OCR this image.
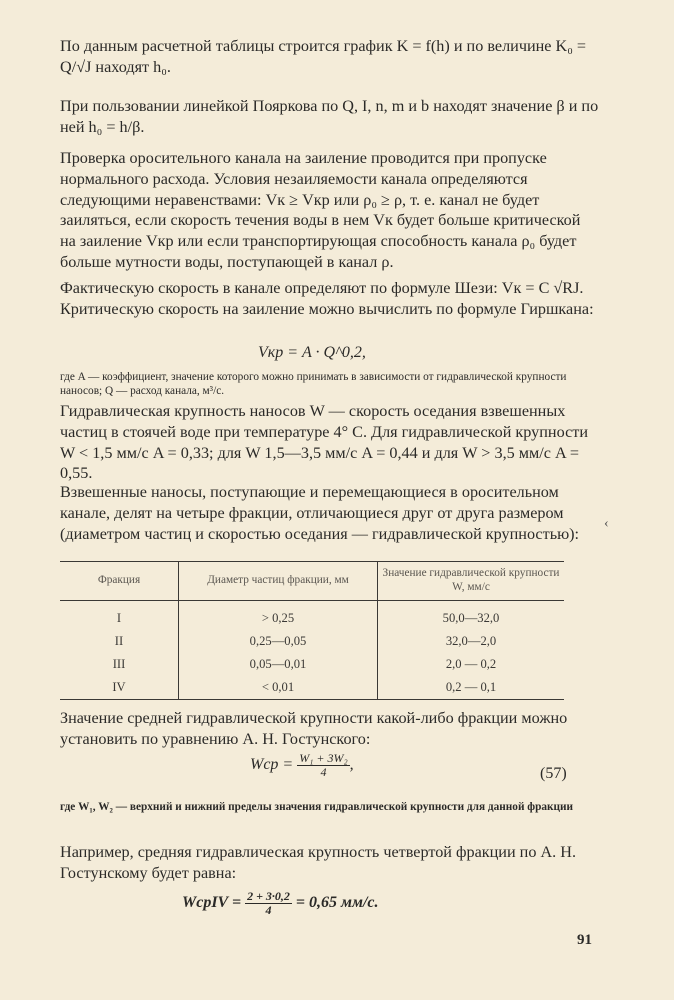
По данным расчетной таблицы строится график K = f(h) и по величине K₀ = Q/√J находят h₀.

При пользовании линейкой Пояркова по Q, I, n, m и b находят значение β и по ней h₀ = h/β.

Проверка оросительного канала на заиление проводится при пропуске нормального расхода. Условия незаиляемости канала определяются следующими неравенствами: Vк ≥ Vкр или ρ₀ ≥ ρ, т. е. канал не будет заиляться, если скорость течения воды в нем Vк будет больше критической на заиление Vкр или если транспортирующая способность канала ρ₀ будет больше мутности воды, поступающей в канал ρ.

Фактическую скорость в канале определяют по формуле Шези: Vк = C √RJ. Критическую скорость на заиление можно вычислить по формуле Гиршкана:

Vкр = A · Q^0,2,

где A — коэффициент, значение которого можно принимать в зависимости от гидравлической крупности наносов; Q — расход канала, м³/с.

Гидравлическая крупность наносов W — скорость оседания взвешенных частиц в стоячей воде при температуре 4° С. Для гидравлической крупности W < 1,5 мм/с A = 0,33; для W 1,5—3,5 мм/с A = 0,44 и для W > 3,5 мм/с A = 0,55.

Взвешенные наносы, поступающие и перемещающиеся в оросительном канале, делят на четыре фракции, отличающиеся друг от друга размером (диаметром частиц и скоростью оседания — гидравлической крупностью):

‹
Фракция	Диаметр частиц фракции, мм	Значение гидравлической крупности W, мм/с
I	> 0,25	50,0—32,0
II	0,25—0,05	32,0—2,0
III	0,05—0,01	2,0 — 0,2
IV	< 0,01	0,2 — 0,1

Значение средней гидравлической крупности какой-либо фракции можно установить по уравнению А. Н. Гостунского:

Wср = $\frac{\text{W₁ + 3W₂}}{4}$ ,
(57)

где W₁, W₂ — верхний и нижний пределы значения гидравлической крупности для данной фракции

Например, средняя гидравлическая крупность четвертой фракции по А. Н. Гостунскому будет равна:

WсрIV = $\frac{2 + 3\cdot 0,2}{4} = 0,65$ мм/с.
91
